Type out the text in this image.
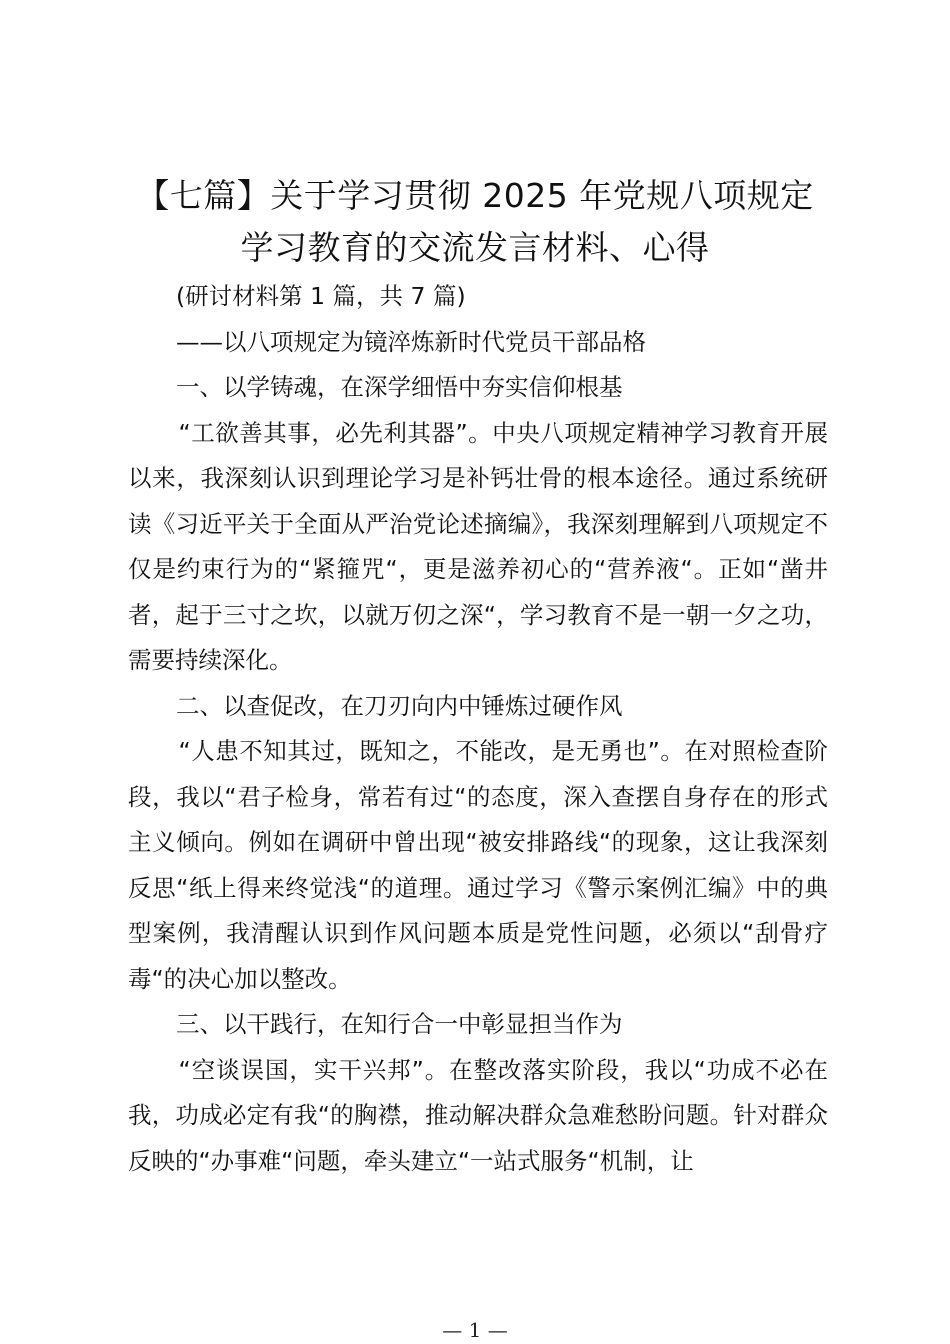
【七篇】关于学习贯彻 2025 年党规八项规定
学习教育的交流发言材料、心得

(研讨材料第 1 篇，共 7 篇)

——以八项规定为镜淬炼新时代党员干部品格

一、以学铸魂，在深学细悟中夯实信仰根基

“工欲善其事，必先利其器”。中央八项规定精神学习教育开展以来，我深刻认识到理论学习是补钙壮骨的根本途径。通过系统研读《习近平关于全面从严治党论述摘编》，我深刻理解到八项规定不仅是约束行为的“紧箍咒“，更是滋养初心的“营养液“。正如“凿井者，起于三寸之坎，以就万仞之深“，学习教育不是一朝一夕之功，需要持续深化。

二、以查促改，在刀刃向内中锤炼过硬作风

“人患不知其过，既知之，不能改，是无勇也”。在对照检查阶段，我以“君子检身，常若有过“的态度，深入查摆自身存在的形式主义倾向。例如在调研中曾出现“被安排路线“的现象，这让我深刻反思“纸上得来终觉浅“的道理。通过学习《警示案例汇编》中的典型案例，我清醒认识到作风问题本质是党性问题，必须以“刮骨疗毒“的决心加以整改。

三、以干践行，在知行合一中彰显担当作为

“空谈误国，实干兴邦”。在整改落实阶段，我以“功成不必在我，功成必定有我“的胸襟，推动解决群众急难愁盼问题。针对群众反映的“办事难“问题，牵头建立“一站式服务“机制，让

— 1 —
